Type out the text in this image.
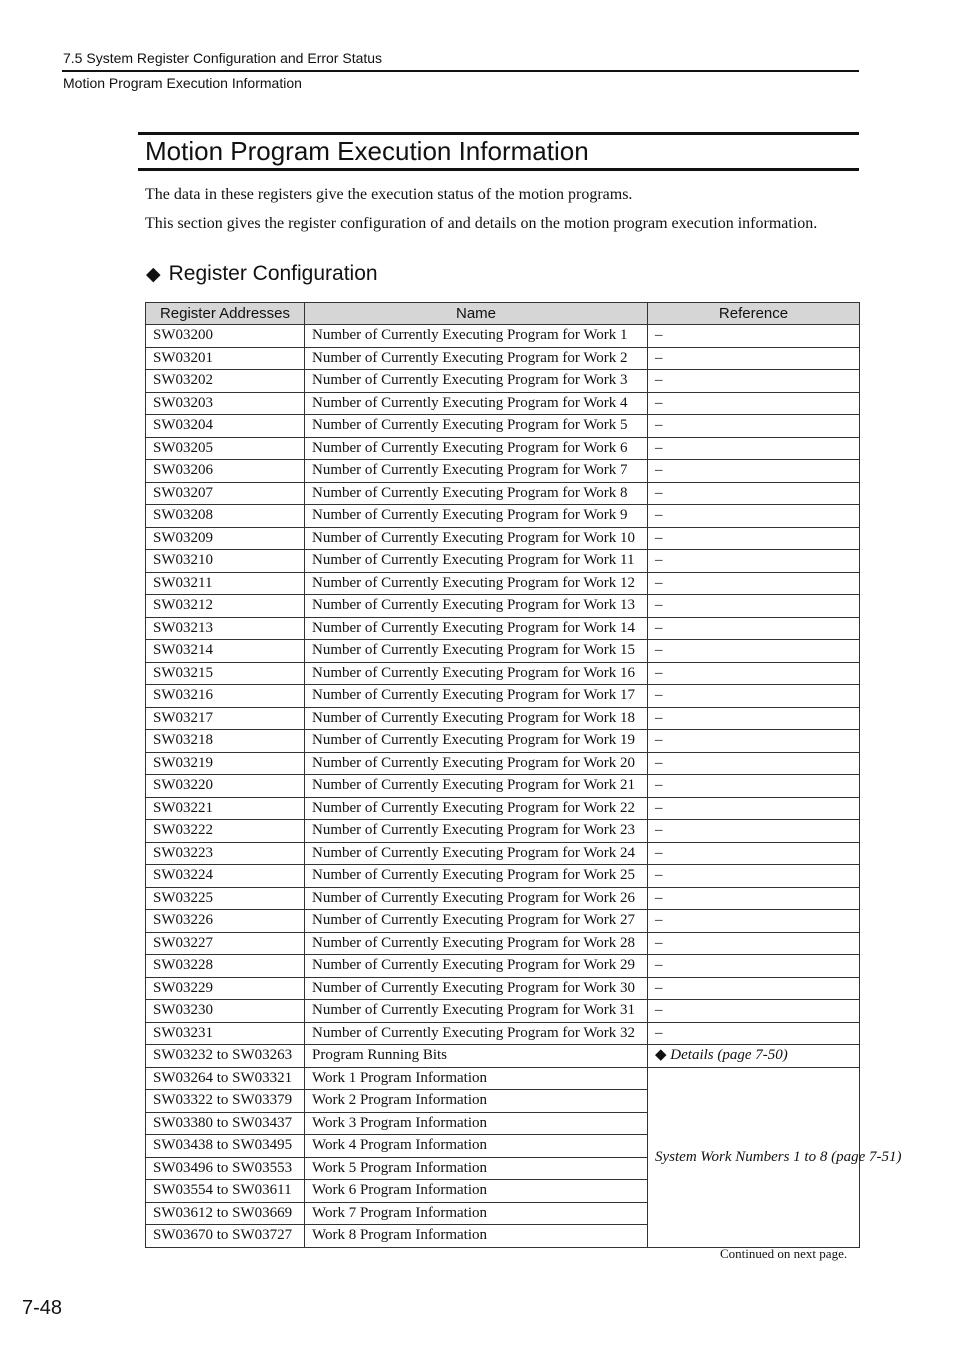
7.5 System Register Configuration and Error Status
Motion Program Execution Information
Motion Program Execution Information
The data in these registers give the execution status of the motion programs.
This section gives the register configuration of and details on the motion program execution information.
◆ Register Configuration
Register Addresses	Name	Reference
SW03200	Number of Currently Executing Program for Work 1	–
SW03201	Number of Currently Executing Program for Work 2	–
SW03202	Number of Currently Executing Program for Work 3	–
SW03203	Number of Currently Executing Program for Work 4	–
SW03204	Number of Currently Executing Program for Work 5	–
SW03205	Number of Currently Executing Program for Work 6	–
SW03206	Number of Currently Executing Program for Work 7	–
SW03207	Number of Currently Executing Program for Work 8	–
SW03208	Number of Currently Executing Program for Work 9	–
SW03209	Number of Currently Executing Program for Work 10	–
SW03210	Number of Currently Executing Program for Work 11	–
SW03211	Number of Currently Executing Program for Work 12	–
SW03212	Number of Currently Executing Program for Work 13	–
SW03213	Number of Currently Executing Program for Work 14	–
SW03214	Number of Currently Executing Program for Work 15	–
SW03215	Number of Currently Executing Program for Work 16	–
SW03216	Number of Currently Executing Program for Work 17	–
SW03217	Number of Currently Executing Program for Work 18	–
SW03218	Number of Currently Executing Program for Work 19	–
SW03219	Number of Currently Executing Program for Work 20	–
SW03220	Number of Currently Executing Program for Work 21	–
SW03221	Number of Currently Executing Program for Work 22	–
SW03222	Number of Currently Executing Program for Work 23	–
SW03223	Number of Currently Executing Program for Work 24	–
SW03224	Number of Currently Executing Program for Work 25	–
SW03225	Number of Currently Executing Program for Work 26	–
SW03226	Number of Currently Executing Program for Work 27	–
SW03227	Number of Currently Executing Program for Work 28	–
SW03228	Number of Currently Executing Program for Work 29	–
SW03229	Number of Currently Executing Program for Work 30	–
SW03230	Number of Currently Executing Program for Work 31	–
SW03231	Number of Currently Executing Program for Work 32	–
SW03232 to SW03263	Program Running Bits	◆ Details (page 7-50)
SW03264 to SW03321	Work 1 Program Information	System Work Numbers 1 to 8 (page 7-51)
SW03322 to SW03379	Work 2 Program Information	
SW03380 to SW03437	Work 3 Program Information	
SW03438 to SW03495	Work 4 Program Information	
SW03496 to SW03553	Work 5 Program Information	
SW03554 to SW03611	Work 6 Program Information	
SW03612 to SW03669	Work 7 Program Information	
SW03670 to SW03727	Work 8 Program Information	
Continued on next page.
7-48
